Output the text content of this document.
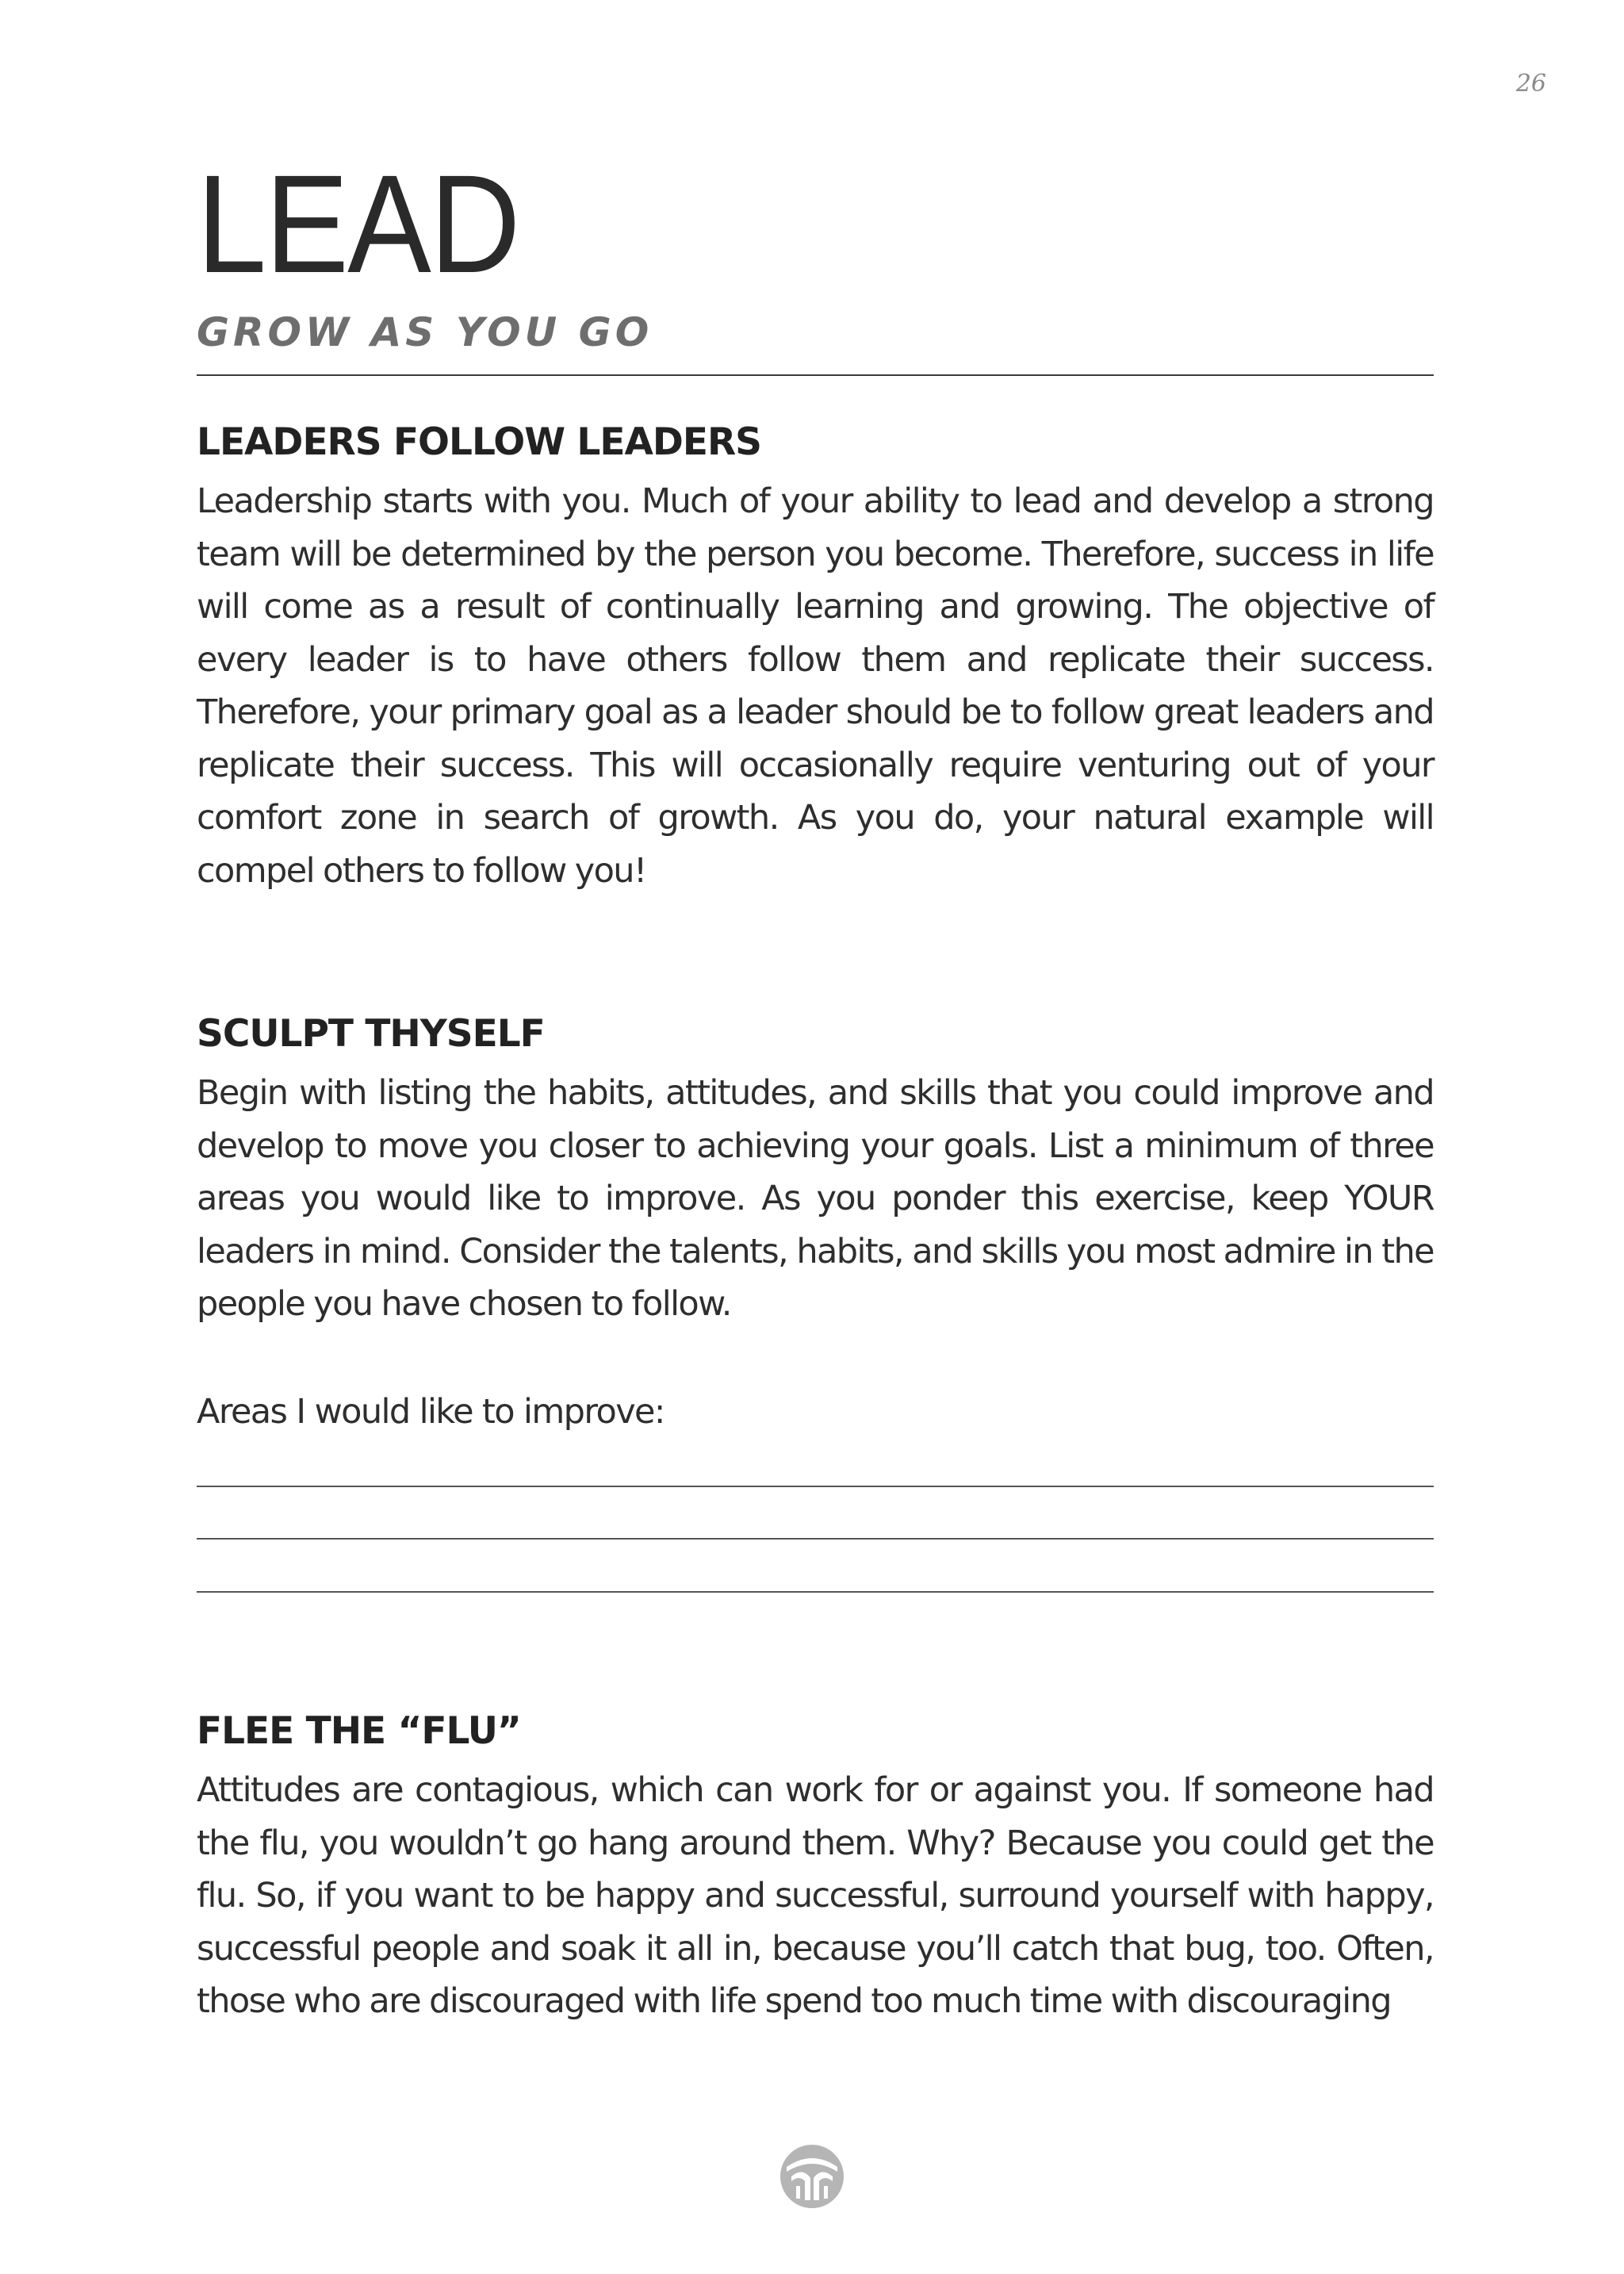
26
LEAD
GROW AS YOU GO
LEADERS FOLLOW LEADERS

Leadership starts with you. Much of your ability to lead and develop a strong team will be determined by the person you become. Therefore, success in life will come as a result of continually learning and growing. The objective of every leader is to have others follow them and replicate their success. Therefore, your primary goal as a leader should be to follow great leaders and replicate their success. This will occasionally require venturing out of your comfort zone in search of growth. As you do, your natural example will compel others to follow you!

SCULPT THYSELF

Begin with listing the habits, attitudes, and skills that you could improve and develop to move you closer to achieving your goals. List a minimum of three areas you would like to improve. As you ponder this exercise, keep YOUR leaders in mind. Consider the talents, habits, and skills you most admire in the people you have chosen to follow.

Areas I would like to improve:
FLEE THE “FLU”

Attitudes are contagious, which can work for or against you. If someone had the flu, you wouldn’t go hang around them. Why? Because you could get the flu. So, if you want to be happy and successful, surround yourself with happy, successful people and soak it all in, because you’ll catch that bug, too. Often, those who are discouraged with life spend too much time with discouraging
